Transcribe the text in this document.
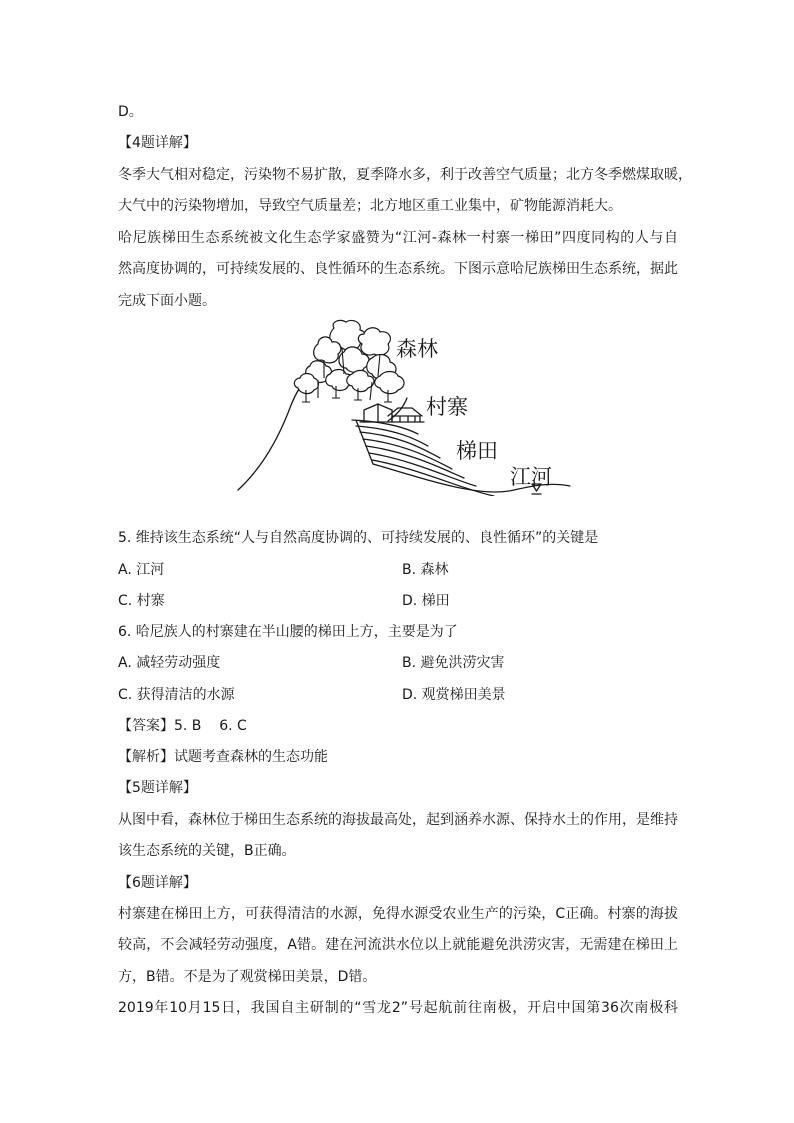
D。
【4题详解】
冬季大气相对稳定，污染物不易扩散，夏季降水多，利于改善空气质量；北方冬季燃煤取暖，
大气中的污染物增加，导致空气质量差；北方地区重工业集中，矿物能源消耗大。
哈尼族梯田生态系统被文化生态学家盛赞为“江河-森林一村寨一梯田”四度同构的人与自
然高度协调的，可持续发展的、良性循环的生态系统。下图示意哈尼族梯田生态系统，据此
完成下面小题。
森林
村寨
梯田
江河
5. 维持该生态系统“人与自然高度协调的、可持续发展的、良性循环”的关键是
A. 江河	B. 森林
C. 村寨	D. 梯田
6. 哈尼族人的村寨建在半山腰的梯田上方，主要是为了
A. 减轻劳动强度	B. 避免洪涝灾害
C. 获得清洁的水源	D. 观赏梯田美景
【答案】5. B    6. C
【解析】试题考查森林的生态功能
【5题详解】
从图中看，森林位于梯田生态系统的海拔最高处，起到涵养水源、保持水土的作用，是维持
该生态系统的关键，B正确。
【6题详解】
村寨建在梯田上方，可获得清洁的水源，免得水源受农业生产的污染，C正确。村寨的海拔
较高，不会减轻劳动强度，A错。建在河流洪水位以上就能避免洪涝灾害，无需建在梯田上
方，B错。不是为了观赏梯田美景，D错。
2019年10月15日，我国自主研制的“雪龙2”号起航前往南极，开启中国第36次南极科
